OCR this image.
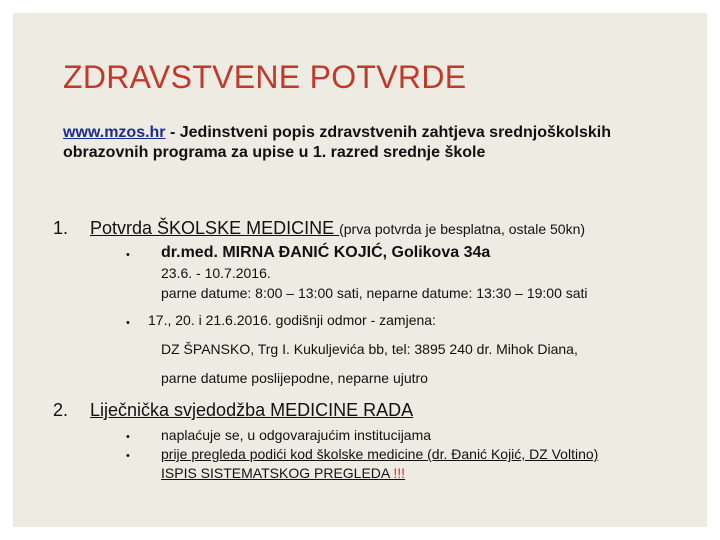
ZDRAVSTVENE POTVRDE
www.mzos.hr - Jedinstveni popis zdravstvenih zahtjeva srednjoškolskih obrazovnih programa za upise u 1. razred srednje škole
1. Potvrda ŠKOLSKE MEDICINE (prva potvrda je besplatna, ostale 50kn)
• dr.med. MIRNA ĐANIĆ KOJIĆ, Golikova 34a
23.6. - 10.7.2016.
parne datume: 8:00 – 13:00 sati, neparne datume: 13:30 – 19:00 sati
• 17., 20. i 21.6.2016. godišnji odmor - zamjena:
DZ ŠPANSKO, Trg I. Kukuljevića bb, tel: 3895 240 dr. Mihok Diana,
parne datume poslijepodne, neparne ujutro
2. Liječnička svjedodžba MEDICINE RADA
• naplaćuje se, u odgovarajućim institucijama
• prije pregleda podići kod školske medicine (dr. Đanić Kojić, DZ Voltino)
ISPIS SISTEMATSKOG PREGLEDA !!!
